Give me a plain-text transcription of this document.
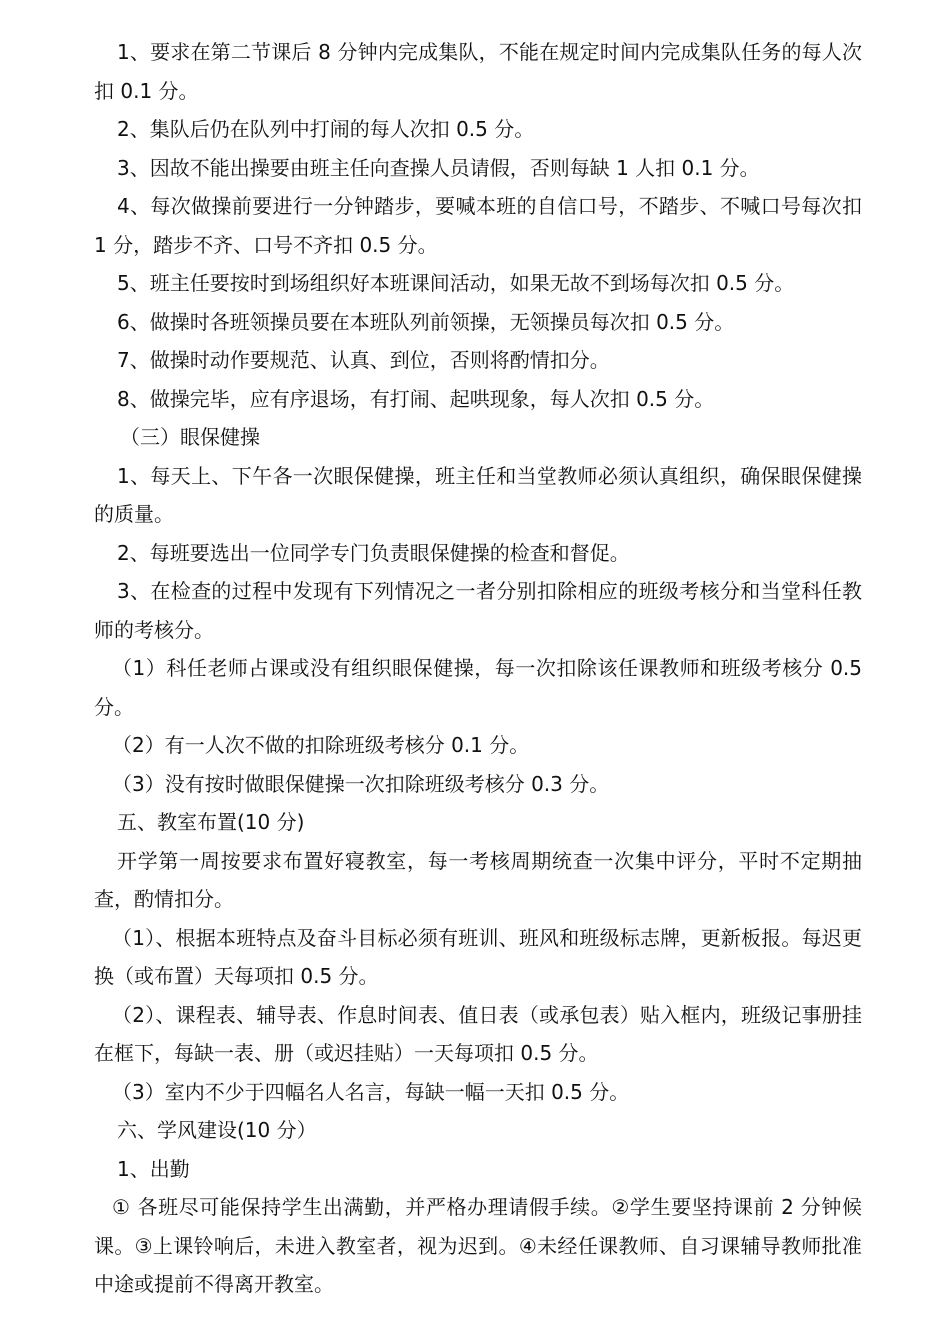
1、要求在第二节课后 8 分钟内完成集队，不能在规定时间内完成集队任务的每人次扣 0.1 分。

2、集队后仍在队列中打闹的每人次扣 0.5 分。

3、因故不能出操要由班主任向查操人员请假，否则每缺 1 人扣 0.1 分。

4、每次做操前要进行一分钟踏步，要喊本班的自信口号，不踏步、不喊口号每次扣 1 分，踏步不齐、口号不齐扣 0.5 分。

5、班主任要按时到场组织好本班课间活动，如果无故不到场每次扣 0.5 分。

6、做操时各班领操员要在本班队列前领操，无领操员每次扣 0.5 分。

7、做操时动作要规范、认真、到位，否则将酌情扣分。

8、做操完毕，应有序退场，有打闹、起哄现象，每人次扣 0.5 分。

（三）眼保健操

1、每天上、下午各一次眼保健操，班主任和当堂教师必须认真组织，确保眼保健操的质量。

2、每班要选出一位同学专门负责眼保健操的检查和督促。

3、在检查的过程中发现有下列情况之一者分别扣除相应的班级考核分和当堂科任教师的考核分。

（1）科任老师占课或没有组织眼保健操，每一次扣除该任课教师和班级考核分 0.5 分。

（2）有一人次不做的扣除班级考核分 0.1 分。

（3）没有按时做眼保健操一次扣除班级考核分 0.3 分。

五、教室布置(10 分)

开学第一周按要求布置好寝教室，每一考核周期统查一次集中评分，平时不定期抽查，酌情扣分。

（1）、根据本班特点及奋斗目标必须有班训、班风和班级标志牌，更新板报。每迟更换（或布置）天每项扣 0.5 分。

（2）、课程表、辅导表、作息时间表、值日表（或承包表）贴入框内，班级记事册挂在框下，每缺一表、册（或迟挂贴）一天每项扣 0.5 分。

（3）室内不少于四幅名人名言，每缺一幅一天扣 0.5 分。

六、学风建设(10 分）

1、出勤

① 各班尽可能保持学生出满勤，并严格办理请假手续。②学生要坚持课前 2 分钟候课。③上课铃响后，未进入教室者，视为迟到。④未经任课教师、自习课辅导教师批准中途或提前不得离开教室。
